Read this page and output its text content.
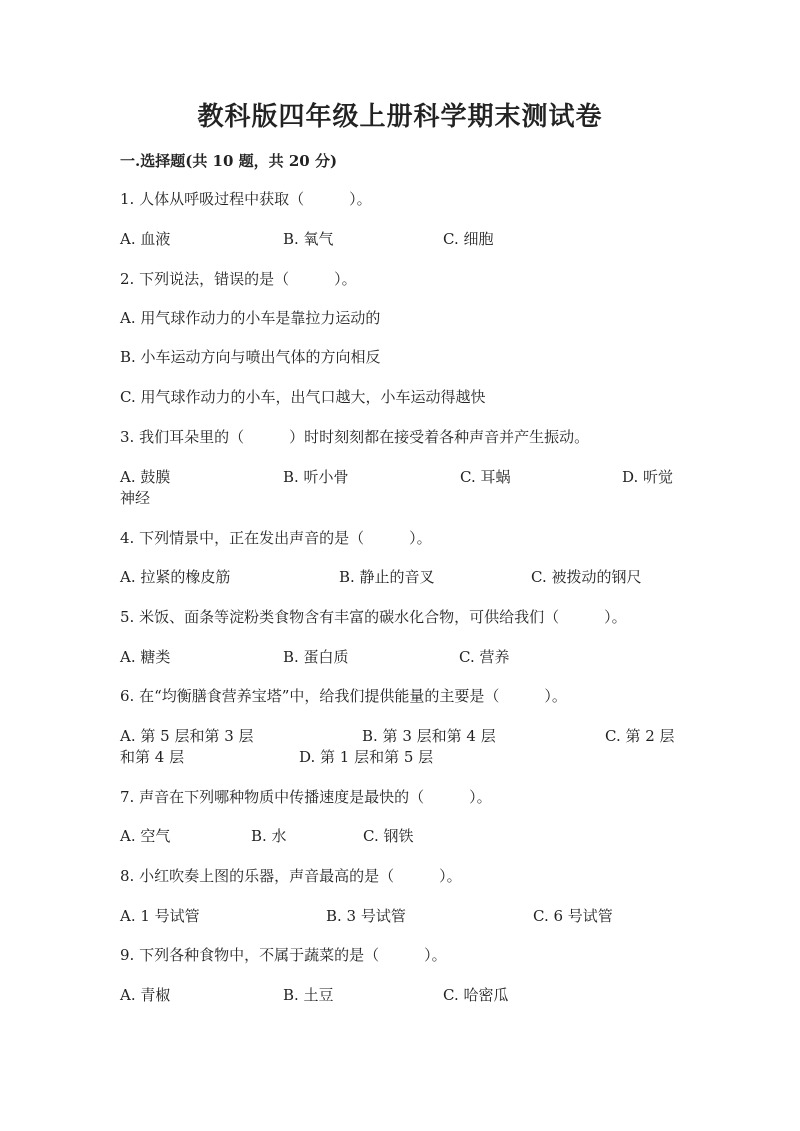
教科版四年级上册科学期末测试卷
一.选择题(共 10 题，共 20 分)
1. 人体从呼吸过程中获取（　　　）。
A. 血液	B. 氧气	C. 细胞
2. 下列说法，错误的是（　　　）。
A. 用气球作动力的小车是靠拉力运动的
B. 小车运动方向与喷出气体的方向相反
C. 用气球作动力的小车，出气口越大，小车运动得越快
3. 我们耳朵里的（　　　）时时刻刻都在接受着各种声音并产生振动。
A. 鼓膜	B. 听小骨	C. 耳蜗	D. 听觉
神经
4. 下列情景中，正在发出声音的是（　　　）。
A. 拉紧的橡皮筋	B. 静止的音叉	C. 被拨动的钢尺
5. 米饭、面条等淀粉类食物含有丰富的碳水化合物，可供给我们（　　　）。
A. 糖类	B. 蛋白质	C. 营养
6. 在“均衡膳食营养宝塔”中，给我们提供能量的主要是（　　　）。
A. 第 5 层和第 3 层	B. 第 3 层和第 4 层	C. 第 2 层
和第 4 层	D. 第 1 层和第 5 层
7. 声音在下列哪种物质中传播速度是最快的（　　　）。
A. 空气	B. 水	C. 钢铁
8. 小红吹奏上图的乐器，声音最高的是（　　　）。
A. 1 号试管	B. 3 号试管	C. 6 号试管
9. 下列各种食物中，不属于蔬菜的是（　　　）。
A. 青椒	B. 土豆	C. 哈密瓜
